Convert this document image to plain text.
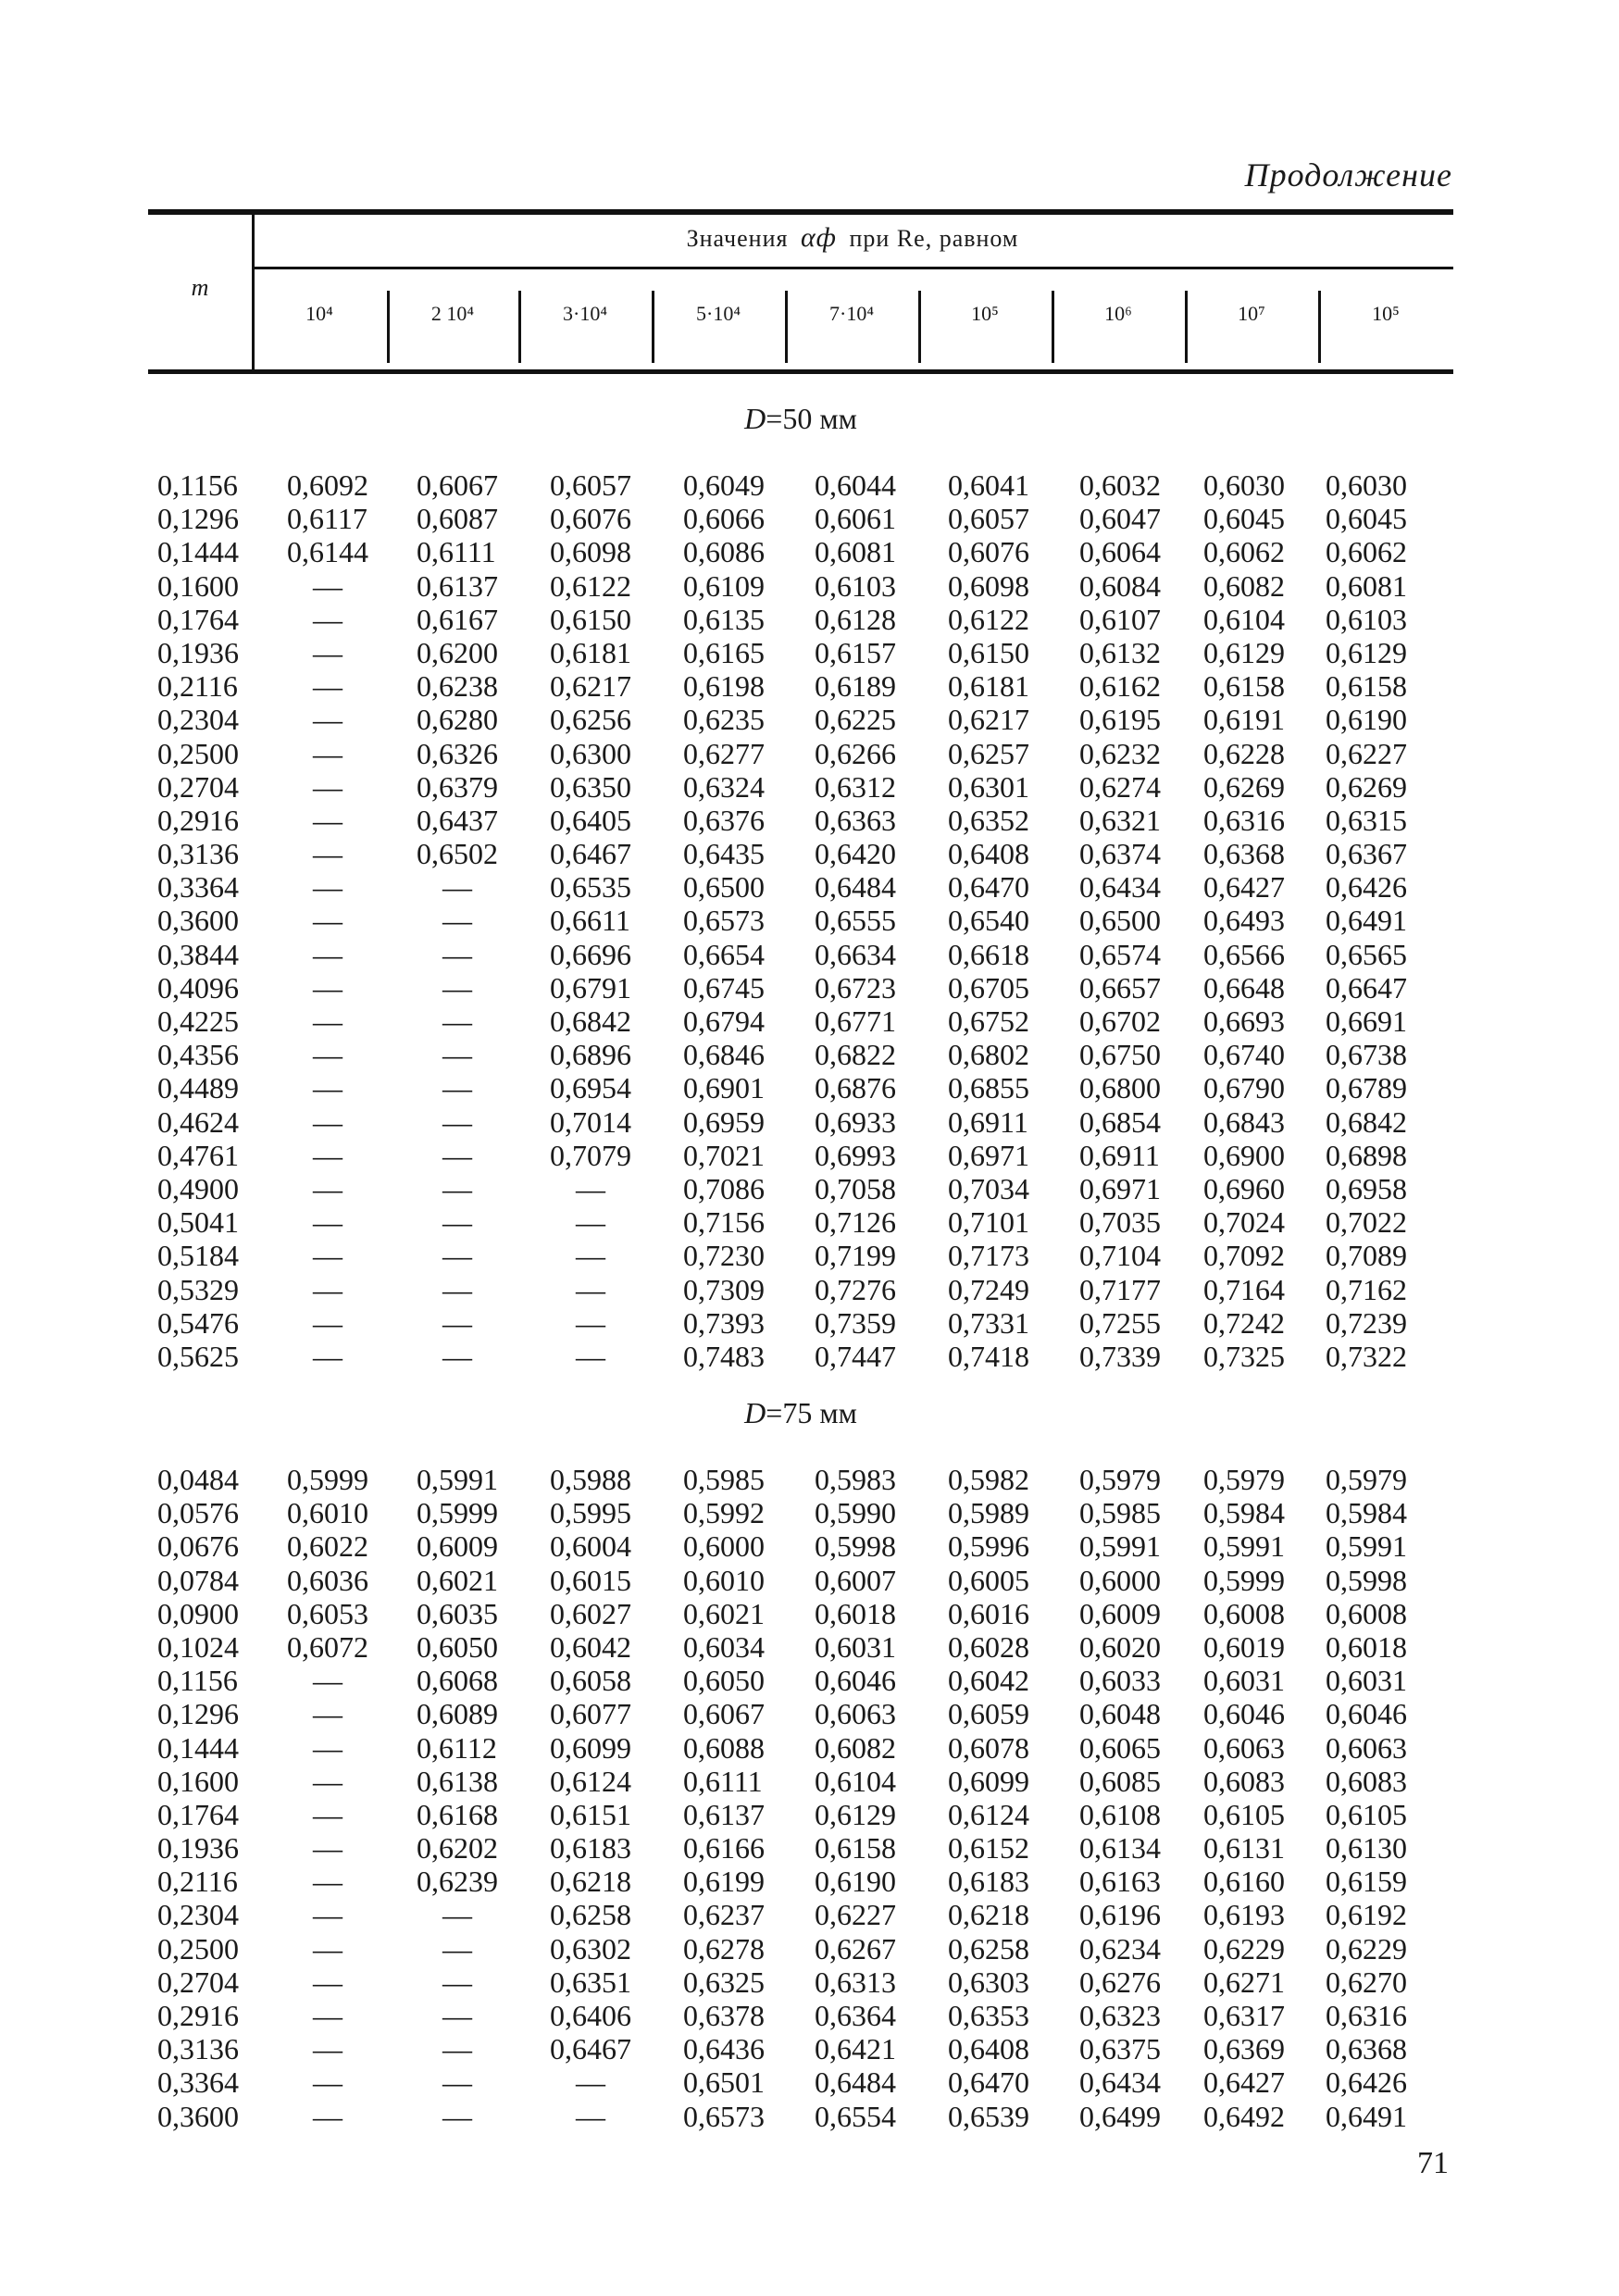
Продолжение
m
Значения αф при Re, равном
10⁴	2 10⁴	3·10⁴	5·10⁴	7·10⁴	10⁵	10⁶	10⁷	10⁵
D=50 мм
0,1156 0,6092 0,6067 0,6057 0,6049 0,6044 0,6041 0,6032 0,6030 0,6030
0,1296 0,6117 0,6087 0,6076 0,6066 0,6061 0,6057 0,6047 0,6045 0,6045
0,1444 0,6144 0,6111 0,6098 0,6086 0,6081 0,6076 0,6064 0,6062 0,6062
0,1600	—	0,6137 0,6122 0,6109 0,6103 0,6098 0,6084 0,6082 0,6081
0,1764	—	0,6167 0,6150 0,6135 0,6128 0,6122 0,6107 0,6104 0,6103
0,1936	—	0,6200 0,6181 0,6165 0,6157 0,6150 0,6132 0,6129 0,6129
0,2116	—	0,6238 0,6217 0,6198 0,6189 0,6181 0,6162 0,6158 0,6158
0,2304	—	0,6280 0,6256 0,6235 0,6225 0,6217 0,6195 0,6191 0,6190
0,2500	—	0,6326 0,6300 0,6277 0,6266 0,6257 0,6232 0,6228 0,6227
0,2704	—	0,6379 0,6350 0,6324 0,6312 0,6301 0,6274 0,6269 0,6269
0,2916	—	0,6437 0,6405 0,6376 0,6363 0,6352 0,6321 0,6316 0,6315
0,3136	—	0,6502 0,6467 0,6435 0,6420 0,6408 0,6374 0,6368 0,6367
0,3364	—	—	0,6535 0,6500 0,6484 0,6470 0,6434 0,6427 0,6426
0,3600	—	—	0,6611 0,6573 0,6555 0,6540 0,6500 0,6493 0,6491
0,3844	—	—	0,6696 0,6654 0,6634 0,6618 0,6574 0,6566 0,6565
0,4096	—	—	0,6791 0,6745 0,6723 0,6705 0,6657 0,6648 0,6647
0,4225	—	—	0,6842 0,6794 0,6771 0,6752 0,6702 0,6693 0,6691
0,4356	—	—	0,6896 0,6846 0,6822 0,6802 0,6750 0,6740 0,6738
0,4489	—	—	0,6954 0,6901 0,6876 0,6855 0,6800 0,6790 0,6789
0,4624	—	—	0,7014 0,6959 0,6933 0,6911 0,6854 0,6843 0,6842
0,4761	—	—	0,7079 0,7021 0,6993 0,6971 0,6911 0,6900 0,6898
0,4900	—	—	—	0,7086 0,7058 0,7034 0,6971 0,6960 0,6958
0,5041	—	—	—	0,7156 0,7126 0,7101 0,7035 0,7024 0,7022
0,5184	—	—	—	0,7230 0,7199 0,7173 0,7104 0,7092 0,7089
0,5329	—	—	—	0,7309 0,7276 0,7249 0,7177 0,7164 0,7162
0,5476	—	—	—	0,7393 0,7359 0,7331 0,7255 0,7242 0,7239
0,5625	—	—	—	0,7483 0,7447 0,7418 0,7339 0,7325 0,7322
D=75 мм
0,0484 0,5999 0,5991 0,5988 0,5985 0,5983 0,5982 0,5979 0,5979 0,5979
0,0576 0,6010 0,5999 0,5995 0,5992 0,5990 0,5989 0,5985 0,5984 0,5984
0,0676 0,6022 0,6009 0,6004 0,6000 0,5998 0,5996 0,5991 0,5991 0,5991
0,0784 0,6036 0,6021 0,6015 0,6010 0,6007 0,6005 0,6000 0,5999 0,5998
0,0900 0,6053 0,6035 0,6027 0,6021 0,6018 0,6016 0,6009 0,6008 0,6008
0,1024 0,6072 0,6050 0,6042 0,6034 0,6031 0,6028 0,6020 0,6019 0,6018
0,1156	—	0,6068 0,6058 0,6050 0,6046 0,6042 0,6033 0,6031 0,6031
0,1296	—	0,6089 0,6077 0,6067 0,6063 0,6059 0,6048 0,6046 0,6046
0,1444	—	0,6112 0,6099 0,6088 0,6082 0,6078 0,6065 0,6063 0,6063
0,1600	—	0,6138 0,6124 0,6111 0,6104 0,6099 0,6085 0,6083 0,6083
0,1764	—	0,6168 0,6151 0,6137 0,6129 0,6124 0,6108 0,6105 0,6105
0,1936	—	0,6202 0,6183 0,6166 0,6158 0,6152 0,6134 0,6131 0,6130
0,2116	—	0,6239 0,6218 0,6199 0,6190 0,6183 0,6163 0,6160 0,6159
0,2304	—	—	0,6258 0,6237 0,6227 0,6218 0,6196 0,6193 0,6192
0,2500	—	—	0,6302 0,6278 0,6267 0,6258 0,6234 0,6229 0,6229
0,2704	—	—	0,6351 0,6325 0,6313 0,6303 0,6276 0,6271 0,6270
0,2916	—	—	0,6406 0,6378 0,6364 0,6353 0,6323 0,6317 0,6316
0,3136	—	—	0,6467 0,6436 0,6421 0,6408 0,6375 0,6369 0,6368
0,3364	—	—	—	0,6501 0,6484 0,6470 0,6434 0,6427 0,6426
0,3600	—	—	—	0,6573 0,6554 0,6539 0,6499 0,6492 0,6491
71
